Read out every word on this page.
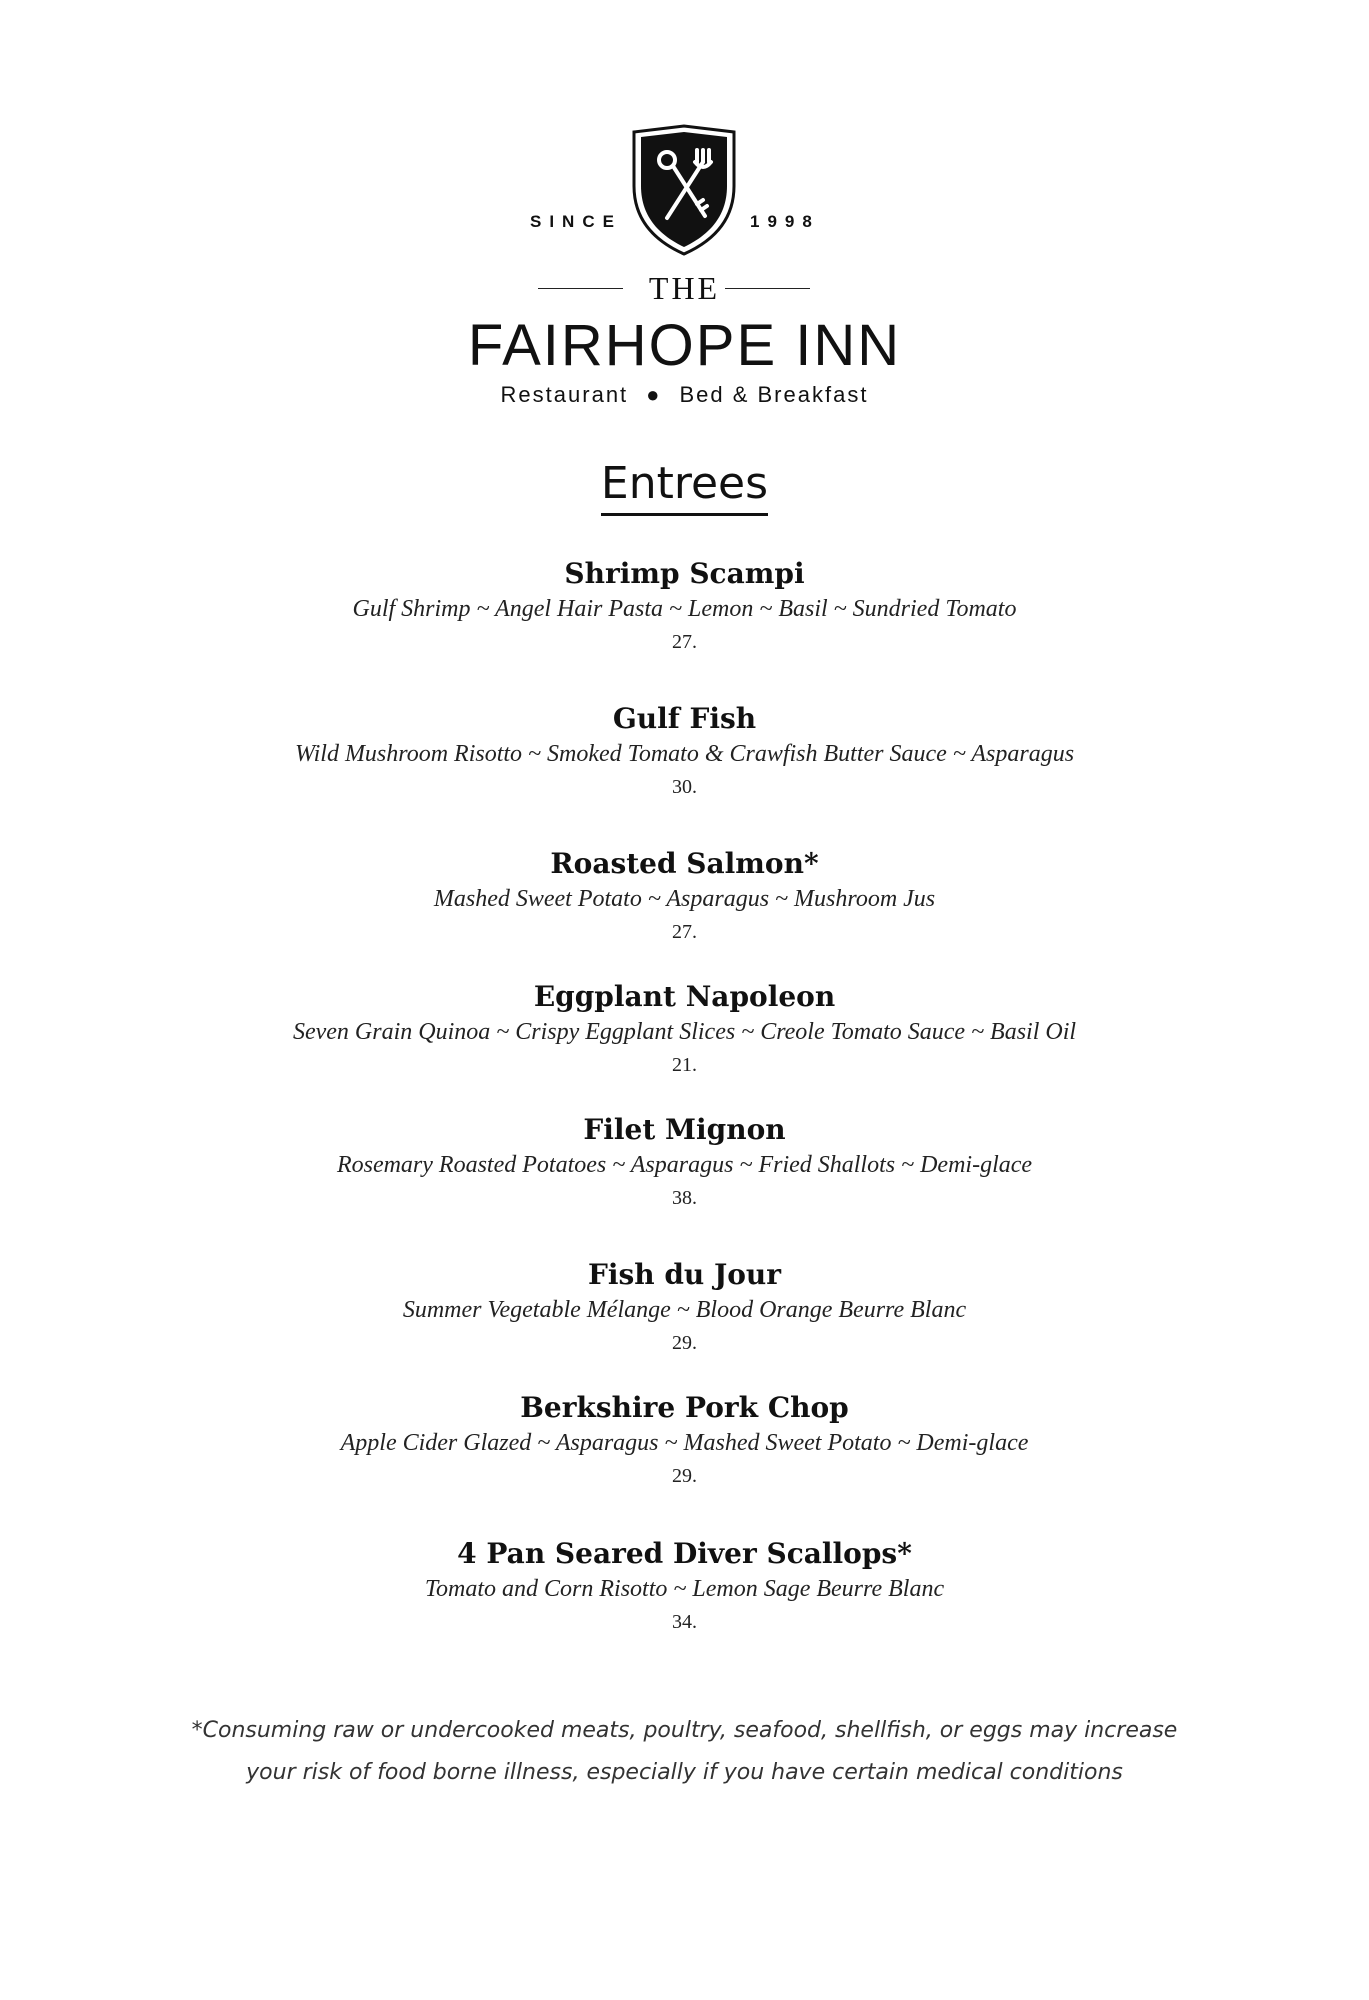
SINCE	1998
THE
FAIRHOPE INN
Restaurant ● Bed & Breakfast
Entrees
Shrimp Scampi
Gulf Shrimp ~ Angel Hair Pasta ~ Lemon ~ Basil ~ Sundried Tomato
27.
Gulf Fish
Wild Mushroom Risotto ~ Smoked Tomato & Crawfish Butter Sauce ~ Asparagus
30.
Roasted Salmon*
Mashed Sweet Potato ~ Asparagus ~ Mushroom Jus
27.
Eggplant Napoleon
Seven Grain Quinoa ~ Crispy Eggplant Slices ~ Creole Tomato Sauce ~ Basil Oil
21.
Filet Mignon
Rosemary Roasted Potatoes ~ Asparagus ~ Fried Shallots ~ Demi-glace
38.
Fish du Jour
Summer Vegetable Mélange ~ Blood Orange Beurre Blanc
29.
Berkshire Pork Chop
Apple Cider Glazed ~ Asparagus ~ Mashed Sweet Potato ~ Demi-glace
29.
4 Pan Seared Diver Scallops*
Tomato and Corn Risotto ~ Lemon Sage Beurre Blanc
34.
*Consuming raw or undercooked meats, poultry, seafood, shellfish, or eggs may increase your risk of food borne illness, especially if you have certain medical conditions
